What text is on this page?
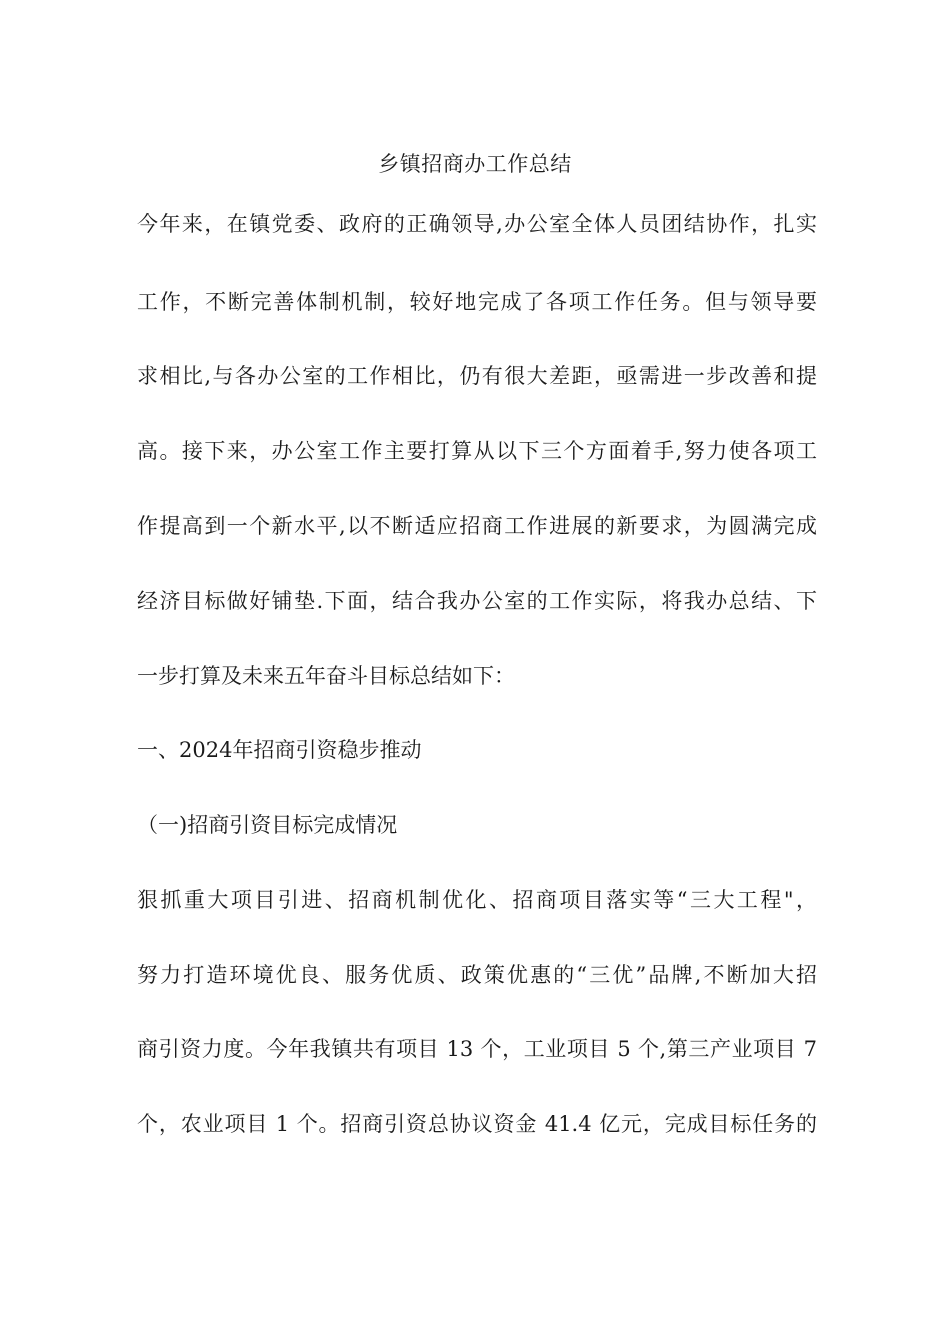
乡镇招商办工作总结
今年来，在镇党委、政府的正确领导,办公室全体人员团结协作，扎实
工作，不断完善体制机制，较好地完成了各项工作任务。但与领导要
求相比,与各办公室的工作相比，仍有很大差距，亟需进一步改善和提
高。接下来，办公室工作主要打算从以下三个方面着手,努力使各项工
作提高到一个新水平,以不断适应招商工作进展的新要求，为圆满完成
经济目标做好铺垫.下面，结合我办公室的工作实际，将我办总结、下
一步打算及未来五年奋斗目标总结如下：
一、2024年招商引资稳步推动
（一)招商引资目标完成情况
狠抓重大项目引进、招商机制优化、招商项目落实等“三大工程"，
努力打造环境优良、服务优质、政策优惠的“三优”品牌,不断加大招
商引资力度。今年我镇共有项目 13 个，工业项目 5 个,第三产业项目 7
个，农业项目 1 个。招商引资总协议资金 41.4 亿元，完成目标任务的
